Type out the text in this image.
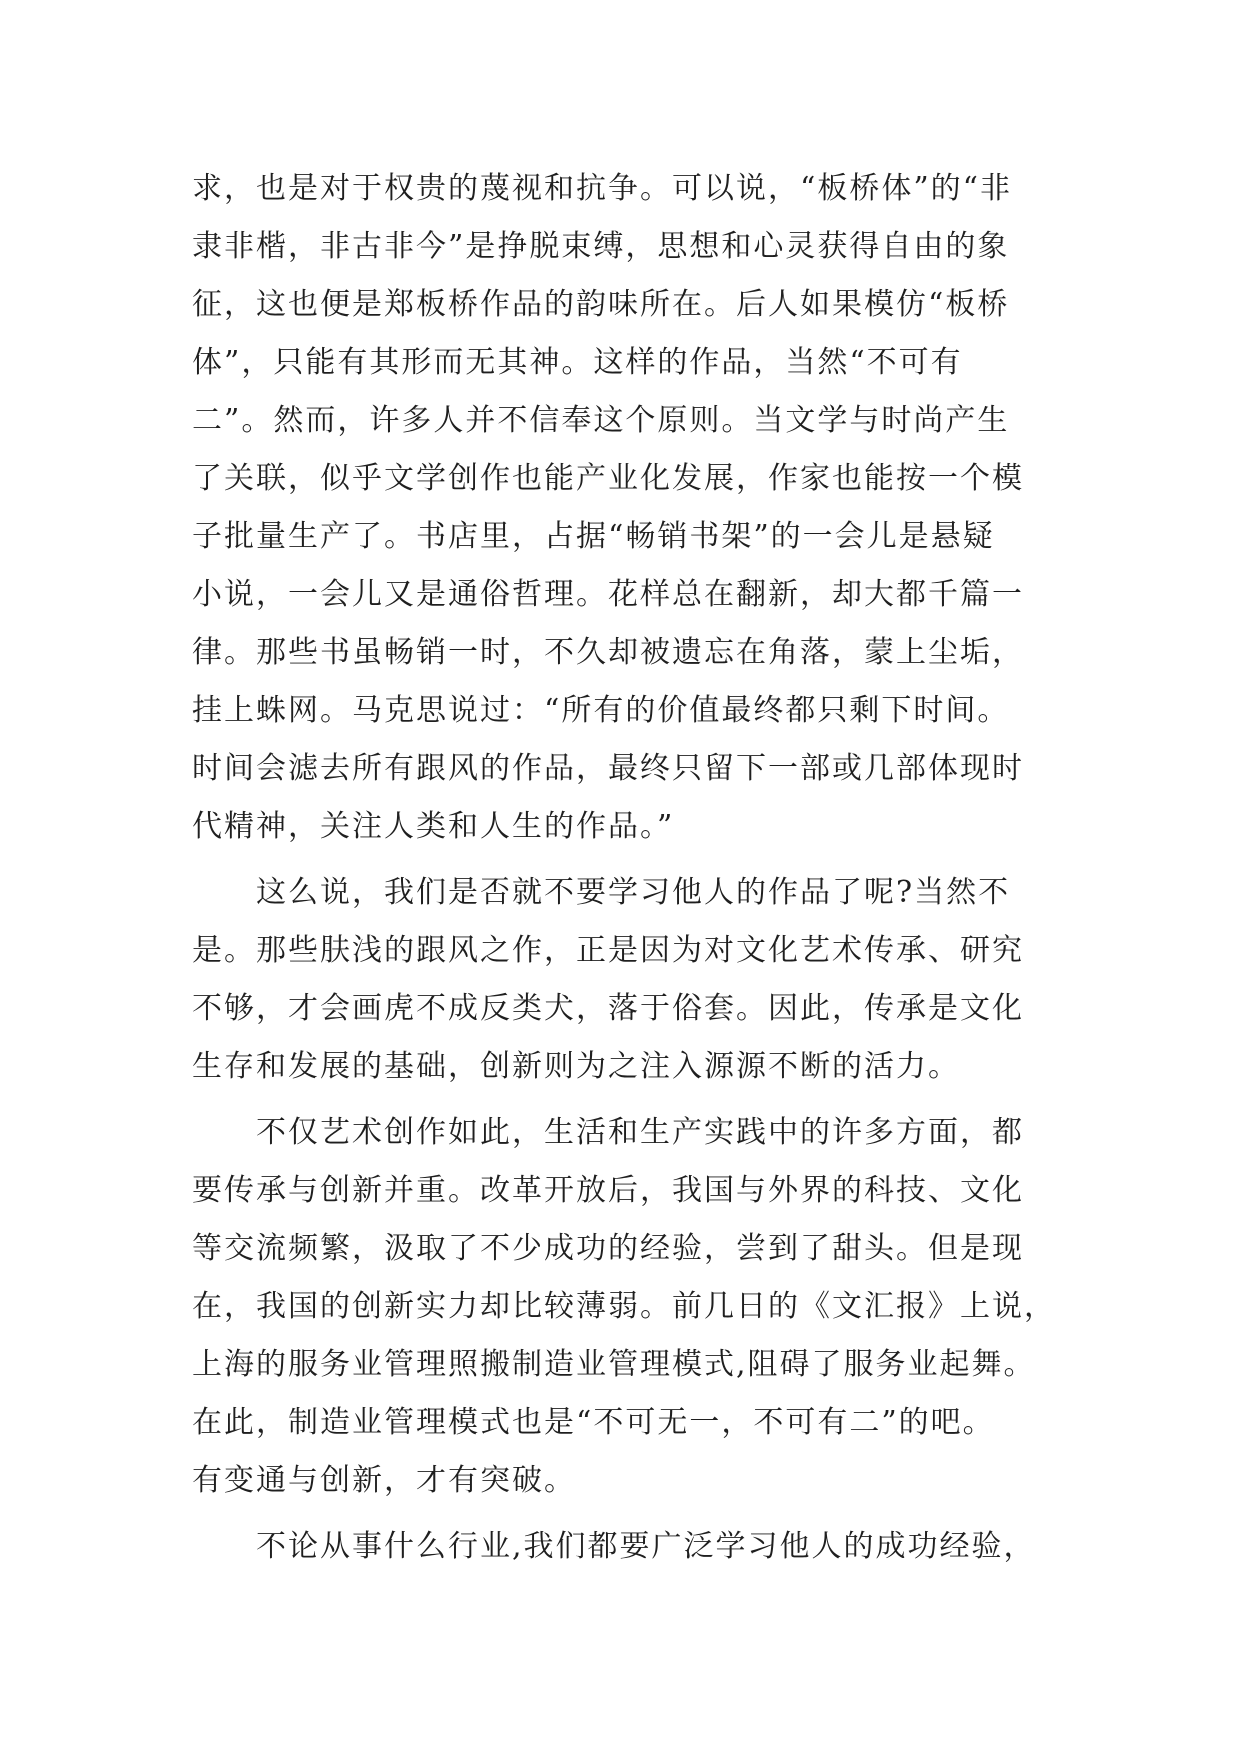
求，也是对于权贵的蔑视和抗争。可以说，“板桥体”的“非
隶非楷，非古非今”是挣脱束缚，思想和心灵获得自由的象
征，这也便是郑板桥作品的韵味所在。后人如果模仿“板桥
体”，只能有其形而无其神。这样的作品，当然“不可有
二”。然而，许多人并不信奉这个原则。当文学与时尚产生
了关联，似乎文学创作也能产业化发展，作家也能按一个模
子批量生产了。书店里，占据“畅销书架”的一会儿是悬疑
小说，一会儿又是通俗哲理。花样总在翻新，却大都千篇一
律。那些书虽畅销一时，不久却被遗忘在角落，蒙上尘垢，
挂上蛛网。马克思说过：“所有的价值最终都只剩下时间。
时间会滤去所有跟风的作品，最终只留下一部或几部体现时
代精神，关注人类和人生的作品。”
　　这么说，我们是否就不要学习他人的作品了呢?当然不
是。那些肤浅的跟风之作，正是因为对文化艺术传承、研究
不够，才会画虎不成反类犬，落于俗套。因此，传承是文化
生存和发展的基础，创新则为之注入源源不断的活力。
　　不仅艺术创作如此，生活和生产实践中的许多方面，都
要传承与创新并重。改革开放后，我国与外界的科技、文化
等交流频繁，汲取了不少成功的经验，尝到了甜头。但是现
在，我国的创新实力却比较薄弱。前几日的《文汇报》上说，
上海的服务业管理照搬制造业管理模式,阻碍了服务业起舞。
在此，制造业管理模式也是“不可无一，不可有二”的吧。
有变通与创新，才有突破。
　　不论从事什么行业,我们都要广泛学习他人的成功经验，
